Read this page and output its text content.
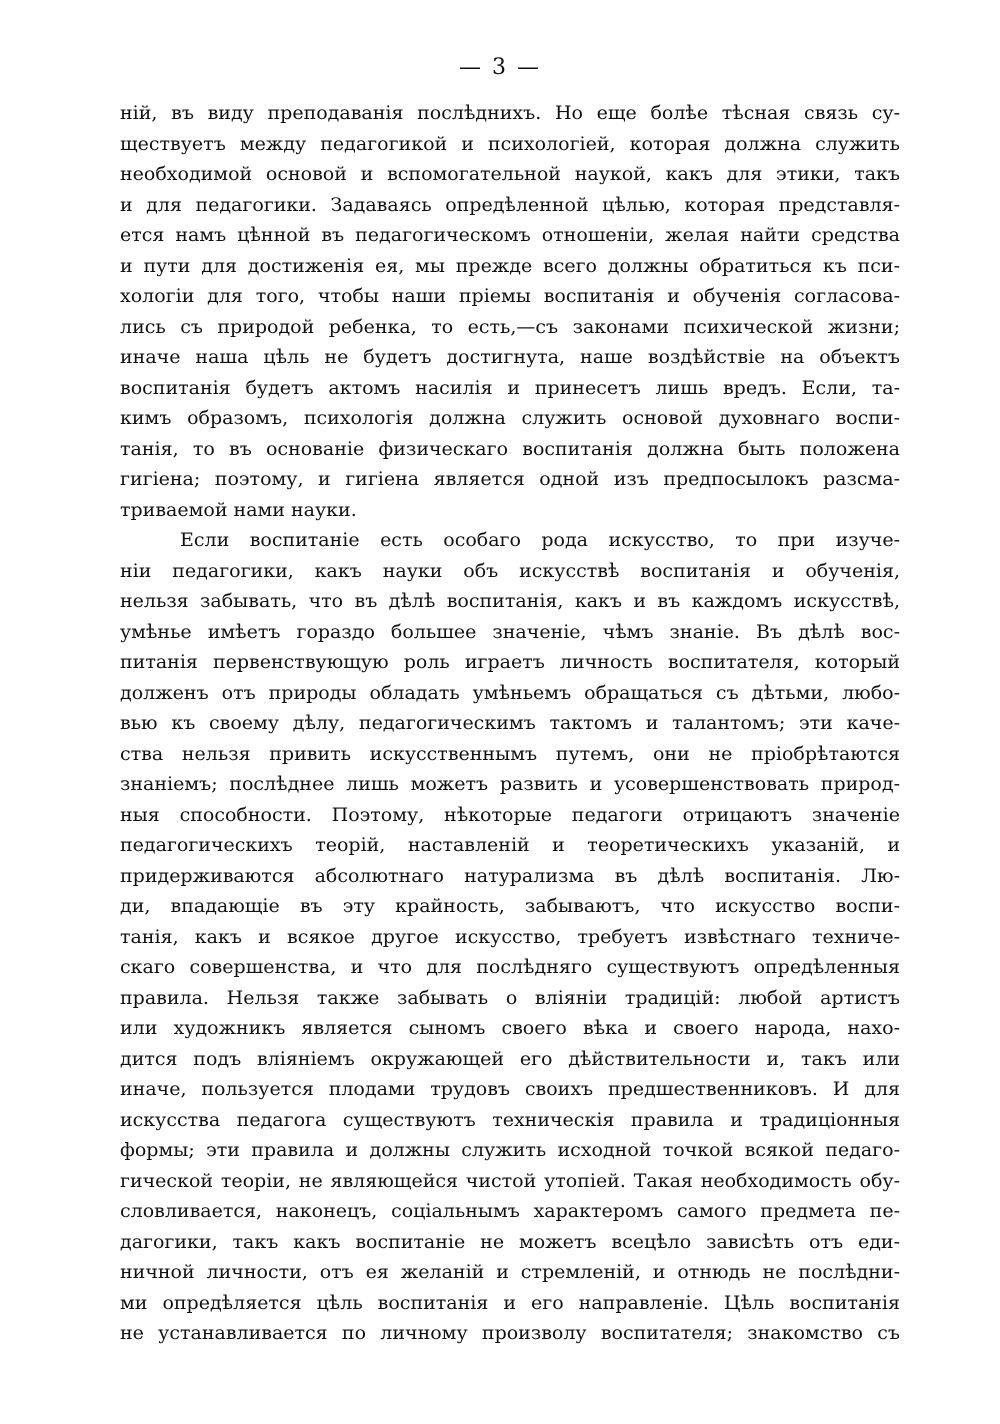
— 3 —
ній, въ виду преподаванія послѣднихъ. Но еще болѣе тѣсная связь су-
ществуетъ между педагогикой и психологіей, которая должна служить
необходимой основой и вспомогательной наукой, какъ для этики, такъ
и для педагогики. Задаваясь опредѣленной цѣлью, которая представля-
ется намъ цѣнной въ педагогическомъ отношеніи, желая найти средства
и пути для достиженія ея, мы прежде всего должны обратиться къ пси-
хологіи для того, чтобы наши пріемы воспитанія и обученія согласова-
лись съ природой ребенка, то есть,—съ законами психической жизни;
иначе наша цѣль не будетъ достигнута, наше воздѣйствіе на объектъ
воспитанія будетъ актомъ насилія и принесетъ лишь вредъ. Если, та-
кимъ образомъ, психологія должна служить основой духовнаго воспи-
танія, то въ основаніе физическаго воспитанія должна быть положена
гигіена; поэтому, и гигіена является одной изъ предпосылокъ разсма-
триваемой нами науки.
Если воспитаніе есть особаго рода искусство, то при изуче-
ніи педагогики, какъ науки объ искусствѣ воспитанія и обученія,
нельзя забывать, что въ дѣлѣ воспитанія, какъ и въ каждомъ искусствѣ,
умѣнье имѣетъ гораздо большее значеніе, чѣмъ знаніе. Въ дѣлѣ вос-
питанія первенствующую роль играетъ личность воспитателя, который
долженъ отъ природы обладать умѣньемъ обращаться съ дѣтьми, любо-
вью къ своему дѣлу, педагогическимъ тактомъ и талантомъ; эти каче-
ства нельзя привить искусственнымъ путемъ, они не пріобрѣтаются
знаніемъ; послѣднее лишь можетъ развить и усовершенствовать природ-
ныя способности. Поэтому, нѣкоторые педагоги отрицаютъ значеніе
педагогическихъ теорій, наставленій и теоретическихъ указаній, и
придерживаются абсолютнаго натурализма въ дѣлѣ воспитанія. Лю-
ди, впадающіе въ эту крайность, забываютъ, что искусство воспи-
танія, какъ и всякое другое искусство, требуетъ извѣстнаго техниче-
скаго совершенства, и что для послѣдняго существуютъ опредѣленныя
правила. Нельзя также забывать о вліяніи традицій: любой артистъ
или художникъ является сыномъ своего вѣка и своего народа, нахо-
дится подъ вліяніемъ окружающей его дѣйствительности и, такъ или
иначе, пользуется плодами трудовъ своихъ предшественниковъ. И для
искусства педагога существуютъ техническія правила и традиціонныя
формы; эти правила и должны служить исходной точкой всякой педаго-
гической теоріи, не являющейся чистой утопіей. Такая необходимость обу-
словливается, наконецъ, соціальнымъ характеромъ самого предмета пе-
дагогики, такъ какъ воспитаніе не можетъ всецѣло зависѣть отъ еди-
ничной личности, отъ ея желаній и стремленій, и отнюдь не послѣдни-
ми опредѣляется цѣль воспитанія и его направленіе. Цѣль воспитанія
не устанавливается по личному произволу воспитателя; знакомство съ
